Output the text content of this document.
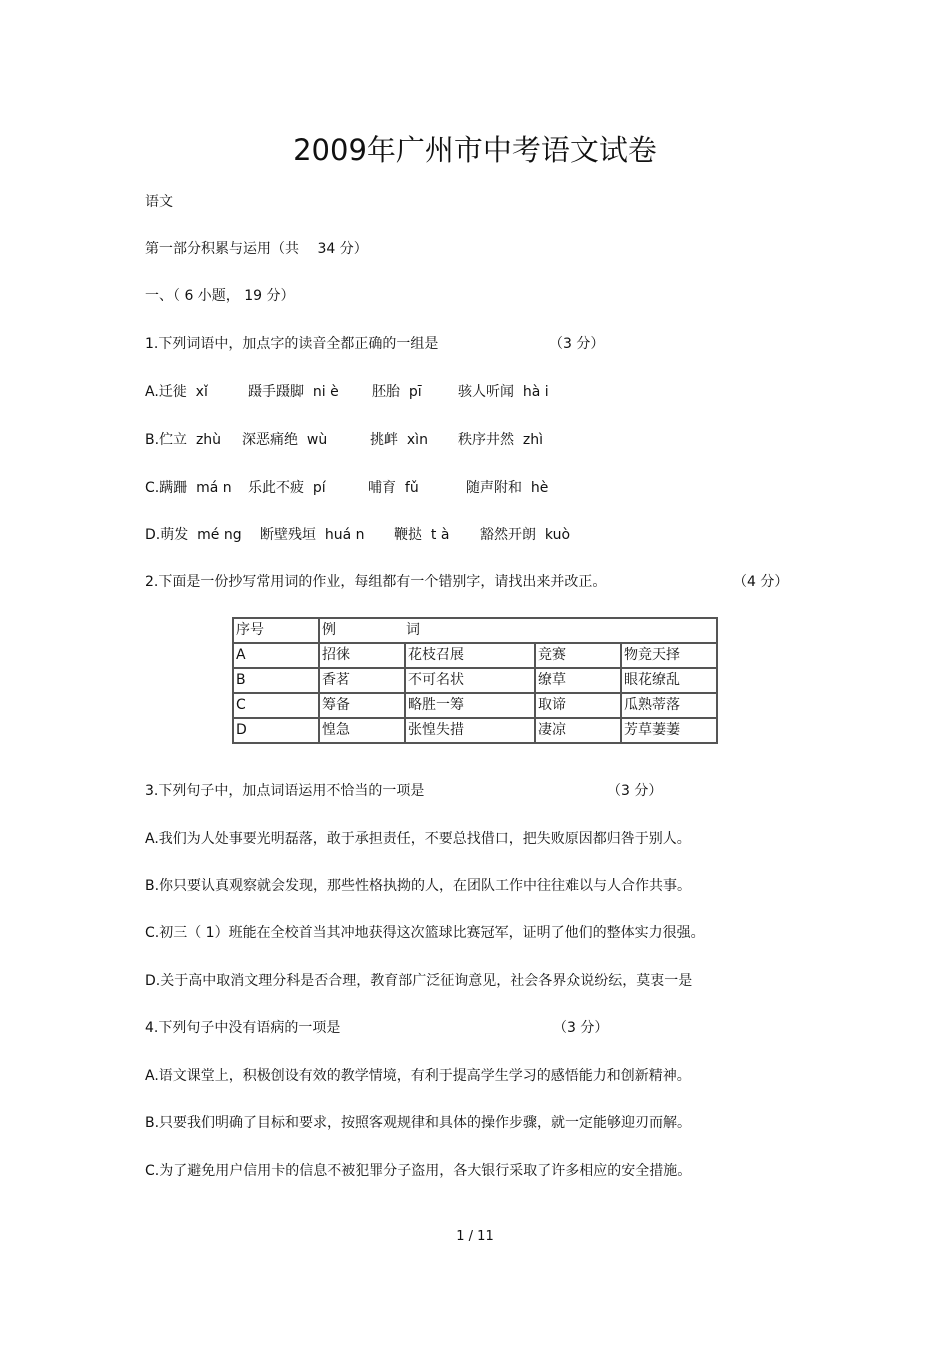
2009年广州市中考语文试卷
语文
第一部分积累与运用（共　 34 分）
一、（ 6 小题， 19 分）
1.下列词语中，加点字的读音全都正确的一组是	（3 分）
A.迁徙  xǐ	蹑手蹑脚  ni è 胚胎  pī	骇人听闻  hà i
B.伫立  zhù 深恶痛绝  wù	挑衅  xìn 秩序井然  zhì
C.蹒跚  má n 乐此不疲  pí	哺育  fǔ	随声附和  hè
D.萌发  mé ng 断壁残垣  huá n 鞭挞  t à 豁然开朗  kuò
2.下面是一份抄写常用词的作业，每组都有一个错别字，请找出来并改正。	（4 分）
序号	例　　　　　词			
A	招徕	花枝召展	竞赛	物竞天择
B	香茗	不可名状	缭草	眼花缭乱
C	筹备	略胜一筹	取谛	瓜熟蒂落
D	惶急	张惶失措	凄凉	芳草萋萋
3.下列句子中，加点词语运用不恰当的一项是	（3 分）
A.我们为人处事要光明磊落，敢于承担责任，不要总找借口，把失败原因都归咎于别人。
B.你只要认真观察就会发现，那些性格执拗的人，在团队工作中往往难以与人合作共事。
C.初三（ 1）班能在全校首当其冲地获得这次篮球比赛冠军，证明了他们的整体实力很强。
D.关于高中取消文理分科是否合理，教育部广泛征询意见，社会各界众说纷纭，莫衷一是
4.下列句子中没有语病的一项是	（3 分）
A.语文课堂上，积极创设有效的教学情境，有利于提高学生学习的感悟能力和创新精神。
B.只要我们明确了目标和要求，按照客观规律和具体的操作步骤，就一定能够迎刃而解。
C.为了避免用户信用卡的信息不被犯罪分子盗用，各大银行采取了许多相应的安全措施。
1 / 11
